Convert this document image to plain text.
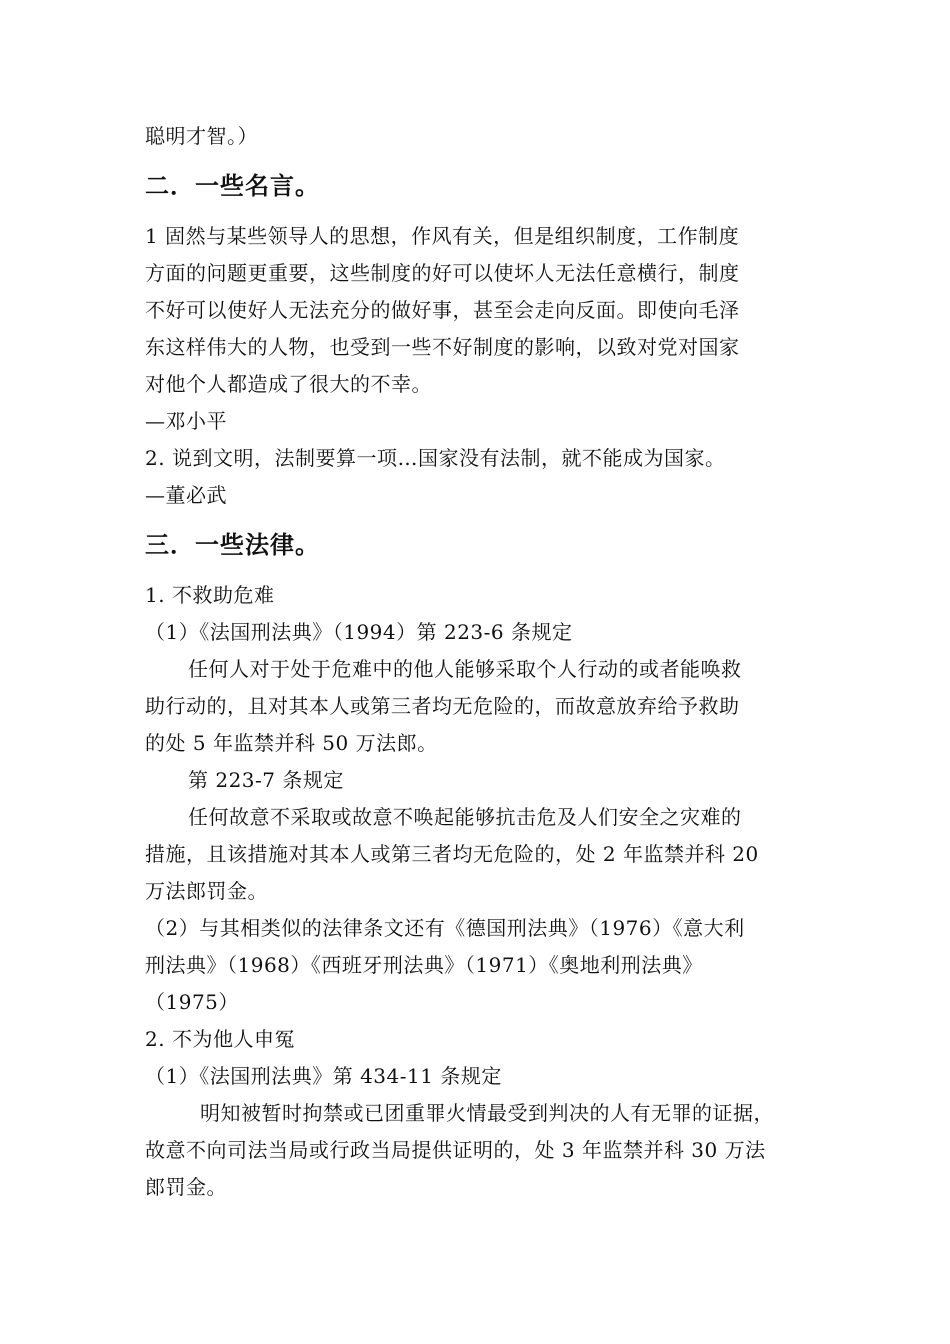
聪明才智。）
二．一些名言。
1 固然与某些领导人的思想，作风有关，但是组织制度，工作制度
方面的问题更重要，这些制度的好可以使坏人无法任意横行，制度
不好可以使好人无法充分的做好事，甚至会走向反面。即使向毛泽
东这样伟大的人物，也受到一些不好制度的影响，以致对党对国家
对他个人都造成了很大的不幸。
—邓小平
2. 说到文明，法制要算一项…国家没有法制，就不能成为国家。
—董必武
三．一些法律。
1. 不救助危难
（1）《法国刑法典》（1994）第 223-6 条规定
任何人对于处于危难中的他人能够采取个人行动的或者能唤救
助行动的，且对其本人或第三者均无危险的，而故意放弃给予救助
的处 5 年监禁并科 50 万法郎。
第 223-7 条规定
任何故意不采取或故意不唤起能够抗击危及人们安全之灾难的
措施，且该措施对其本人或第三者均无危险的，处 2 年监禁并科 20
万法郎罚金。
（2）与其相类似的法律条文还有《德国刑法典》（1976）《意大利
刑法典》（1968）《西班牙刑法典》（1971）《奥地利刑法典》
（1975）
2. 不为他人申冤
（1）《法国刑法典》第 434-11 条规定
明知被暂时拘禁或已团重罪火情最受到判决的人有无罪的证据，
故意不向司法当局或行政当局提供证明的，处 3 年监禁并科 30 万法
郎罚金。
